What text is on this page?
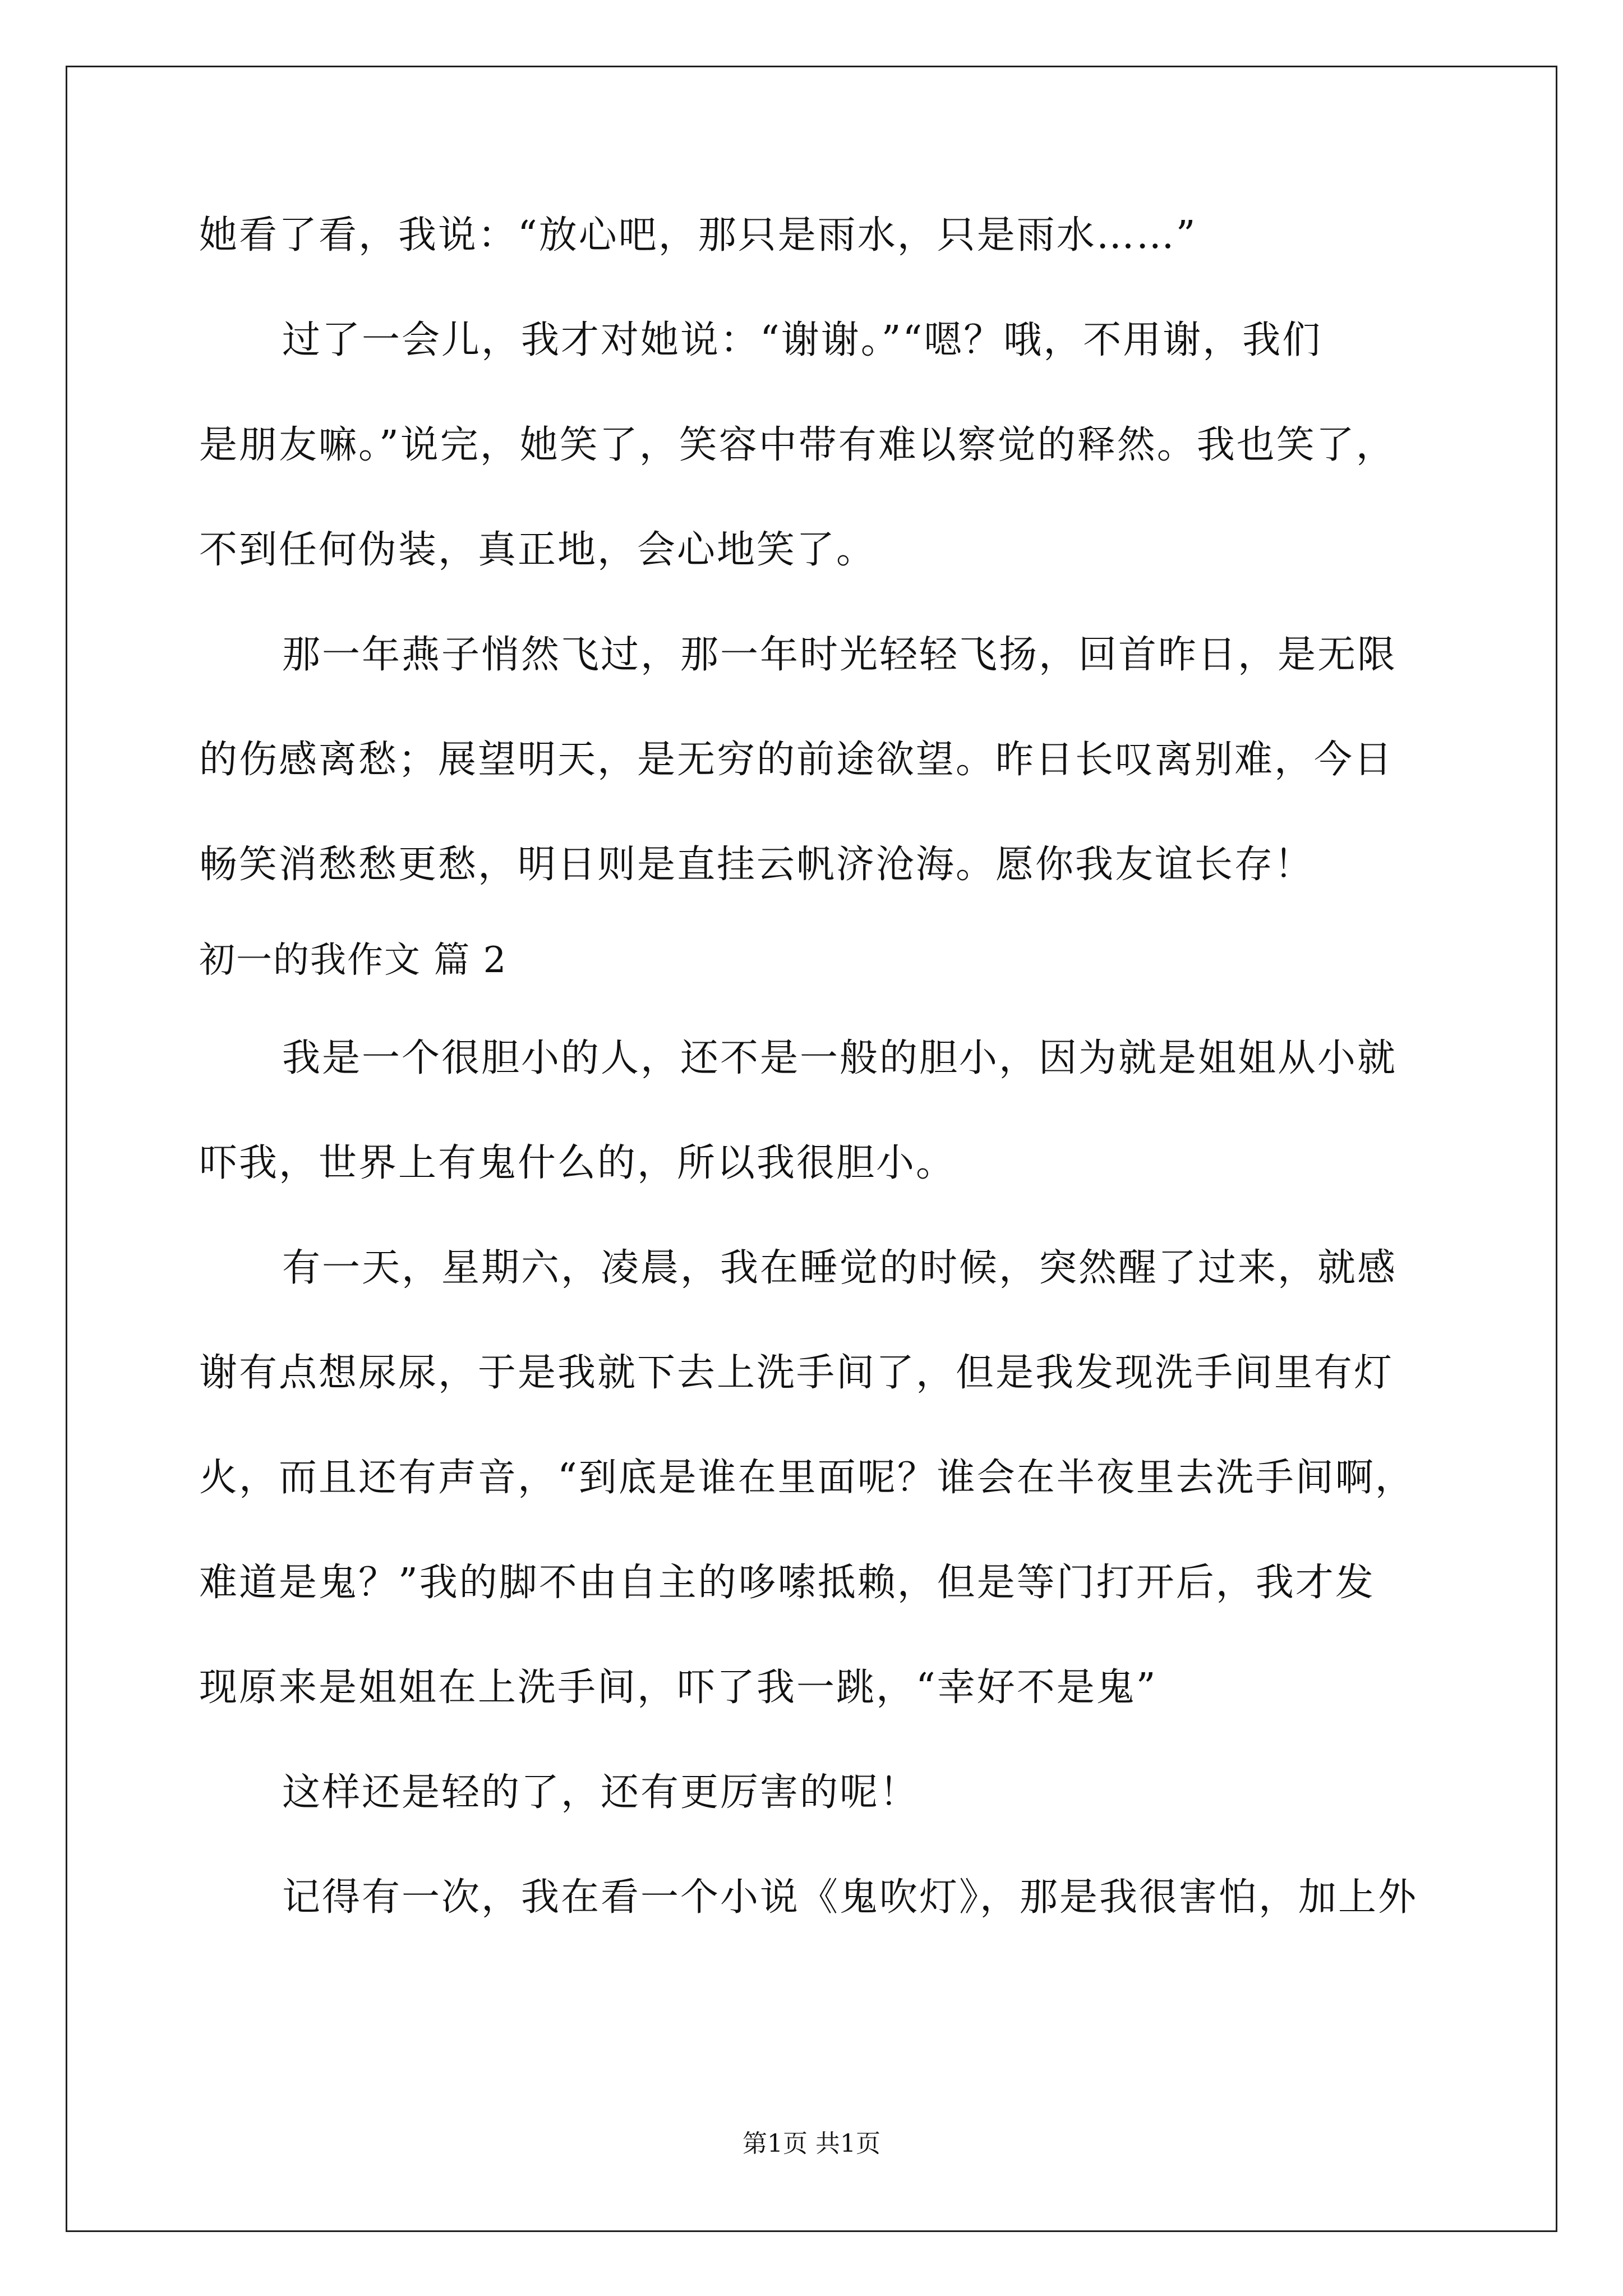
她看了看，我说：“放心吧，那只是雨水，只是雨水……”
过了一会儿，我才对她说：“谢谢。”“嗯？哦，不用谢，我们
是朋友嘛。”说完，她笑了，笑容中带有难以察觉的释然。我也笑了，
不到任何伪装，真正地，会心地笑了。
那一年燕子悄然飞过，那一年时光轻轻飞扬，回首昨日，是无限
的伤感离愁；展望明天，是无穷的前途欲望。昨日长叹离别难，今日
畅笑消愁愁更愁，明日则是直挂云帆济沧海。愿你我友谊长存！
初一的我作文 篇 2
我是一个很胆小的人，还不是一般的胆小，因为就是姐姐从小就
吓我，世界上有鬼什么的，所以我很胆小。
有一天，星期六，凌晨，我在睡觉的时候，突然醒了过来，就感
谢有点想尿尿，于是我就下去上洗手间了，但是我发现洗手间里有灯
火，而且还有声音，“到底是谁在里面呢？谁会在半夜里去洗手间啊，
难道是鬼？”我的脚不由自主的哆嗦抵赖，但是等门打开后，我才发
现原来是姐姐在上洗手间，吓了我一跳，“幸好不是鬼”
这样还是轻的了，还有更厉害的呢！
记得有一次，我在看一个小说《鬼吹灯》，那是我很害怕，加上外
第1页 共1页
